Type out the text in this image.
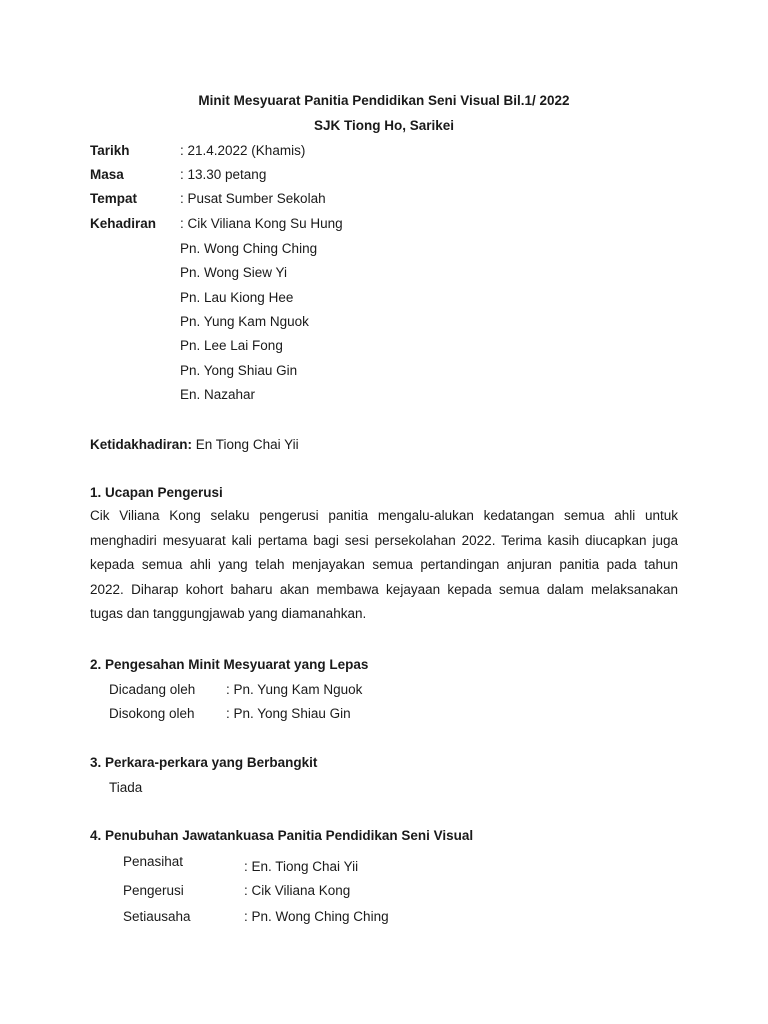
Minit Mesyuarat Panitia Pendidikan Seni Visual Bil.1/ 2022
SJK Tiong Ho, Sarikei
Tarikh	: 21.4.2022 (Khamis)
Masa	: 13.30 petang
Tempat	: Pusat Sumber Sekolah
Kehadiran : Cik Viliana Kong Su Hung
Pn. Wong Ching Ching
Pn. Wong Siew Yi
Pn. Lau Kiong Hee
Pn. Yung Kam Nguok
Pn. Lee Lai Fong
Pn. Yong Shiau Gin
En. Nazahar
Ketidakhadiran: En Tiong Chai Yii
1. Ucapan Pengerusi
Cik Viliana Kong selaku pengerusi panitia mengalu-alukan kedatangan semua ahli untuk
menghadiri mesyuarat kali pertama bagi sesi persekolahan 2022. Terima kasih diucapkan juga
kepada semua ahli yang telah menjayakan semua pertandingan anjuran panitia pada tahun
2022. Diharap kohort baharu akan membawa kejayaan kepada semua dalam melaksanakan
tugas dan tanggungjawab yang diamanahkan.
2. Pengesahan Minit Mesyuarat yang Lepas
Dicadang oleh : Pn. Yung Kam Nguok
Disokong oleh : Pn. Yong Shiau Gin
3. Perkara-perkara yang Berbangkit
Tiada
4. Penubuhan Jawatankuasa Panitia Pendidikan Seni Visual
Penasihat	: En. Tiong Chai Yii
Pengerusi	: Cik Viliana Kong
Setiausaha	: Pn. Wong Ching Ching
